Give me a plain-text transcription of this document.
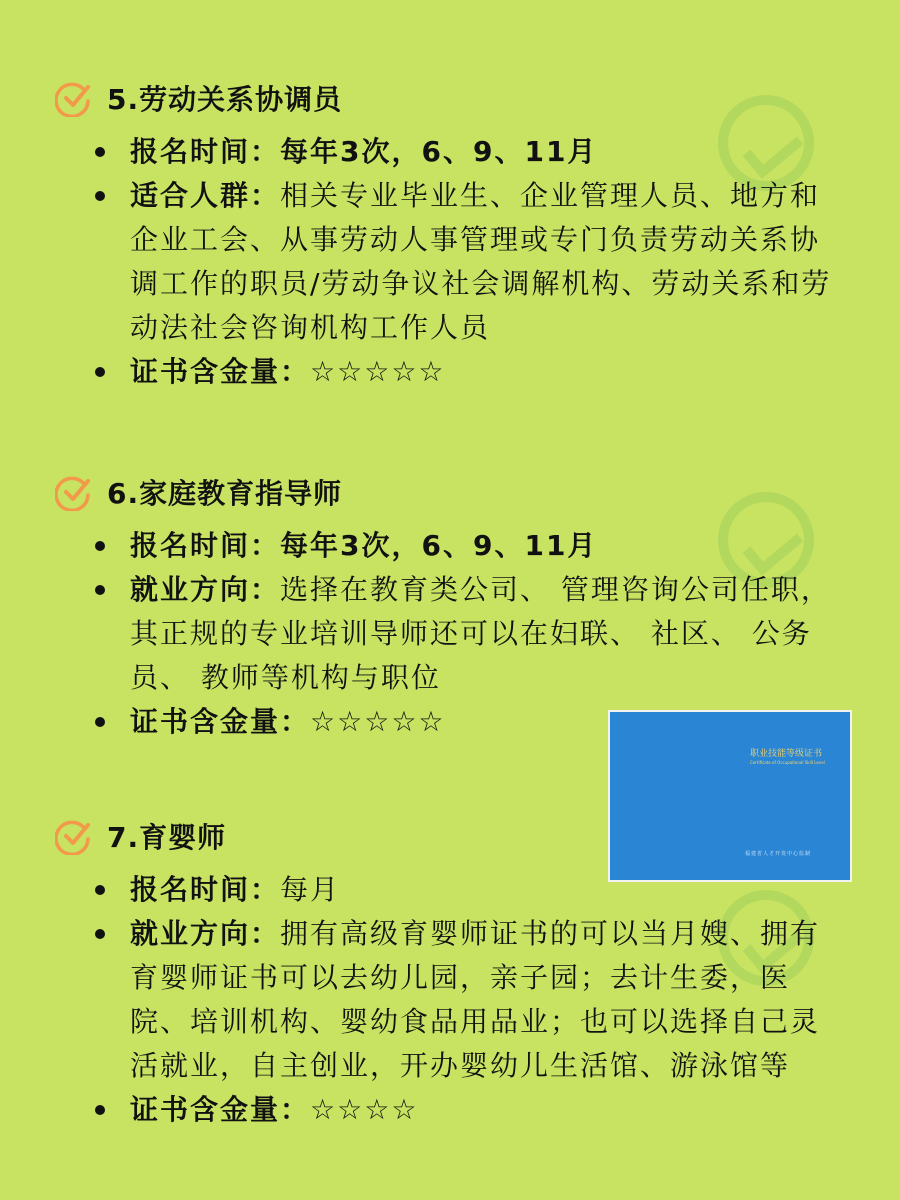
5.劳动关系协调员
报名时间：每年3次，6、9、11月
适合人群：相关专业毕业生、企业管理人员、地方和企业工会、从事劳动人事管理或专门负责劳动关系协调工作的职员/劳动争议社会调解机构、劳动关系和劳动法社会咨询机构工作人员
证书含金量：☆☆☆☆☆
6.家庭教育指导师
报名时间：每年3次，6、9、11月
就业方向：选择在教育类公司、 管理咨询公司任职， 其正规的专业培训导师还可以在妇联、 社区、 公务员、 教师等机构与职位
证书含金量：☆☆☆☆☆
7.育婴师
报名时间：每月
就业方向：拥有高级育婴师证书的可以当月嫂、拥有育婴师证书可以去幼儿园，亲子园；去计生委，医院、培训机构、婴幼食品用品业；也可以选择自己灵活就业，自主创业，开办婴幼儿生活馆、游泳馆等
证书含金量：☆☆☆☆
职业技能等级证书
Certificate of Occupational Skill Level
福建省人才开发中心监制
